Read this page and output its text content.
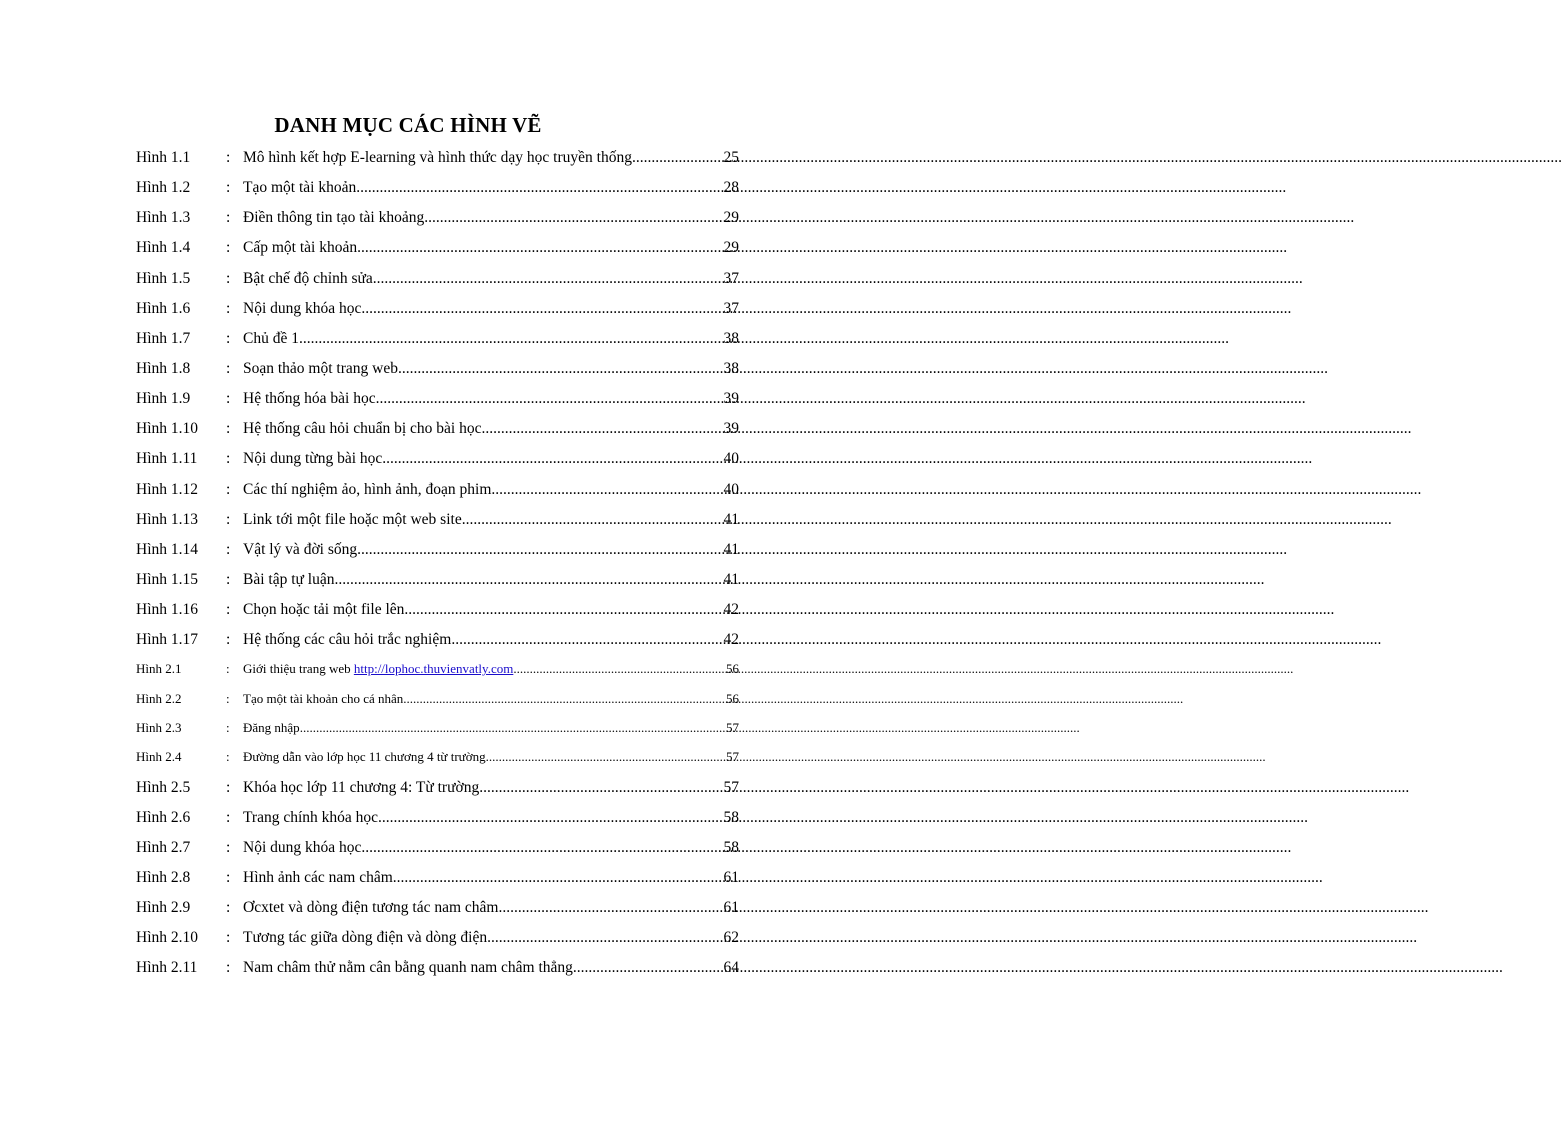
DANH MỤC CÁC HÌNH VẼ
Hình 1.1	: Mô hình kết hợp E-learning và hình thức dạy học truyền thống .....	25
Hình 1.2	: Tạo một tài khoản .....	28
Hình 1.3	: Điền thông tin tạo tài khoảng .....	29
Hình 1.4	: Cấp một tài khoản .....	29
Hình 1.5	: Bật chế độ chỉnh sửa .....	37
Hình 1.6	: Nội dung khóa học .....	37
Hình 1.7	: Chủ đề 1 .....	38
Hình 1.8	: Soạn thảo một trang web .....	38
Hình 1.9	: Hệ thống hóa bài học .....	39
Hình 1.10	: Hệ thống câu hỏi chuẩn bị cho bài học .....	39
Hình 1.11	: Nội dung từng bài học .....	40
Hình 1.12	: Các thí nghiệm ảo, hình ảnh, đoạn phim .....	40
Hình 1.13	: Link tới một file hoặc một web site .....	41
Hình 1.14	: Vật lý và đời sống .....	41
Hình 1.15	: Bài tập tự luận .....	41
Hình 1.16	: Chọn hoặc tải một file lên .....	42
Hình 1.17	: Hệ thống các câu hỏi trắc nghiệm .....	42
Hình 2.1	:	Giới thiệu trang web http://lophoc.thuvienvatly.com .....	56
Hình 2.2	:	Tạo một tài khoản cho cá nhân .....	56
Hình 2.3	:	Đăng nhập .....	57
Hình 2.4	:	Đường dẫn vào lớp học 11 chương 4 từ trường .....	57
Hình 2.5	: Khóa học lớp 11 chương 4: Từ trường .....	57
Hình 2.6	: Trang chính khóa học .....	58
Hình 2.7	: Nội dung khóa học .....	58
Hình 2.8	: Hình ảnh các nam châm .....	61
Hình 2.9	: Ơcxtet và dòng điện tương tác nam châm .....	61
Hình 2.10	: Tương tác giữa dòng điện và dòng điện .....	62
Hình 2.11	: Nam châm thử nằm cân bằng quanh nam châm thẳng .....	64
